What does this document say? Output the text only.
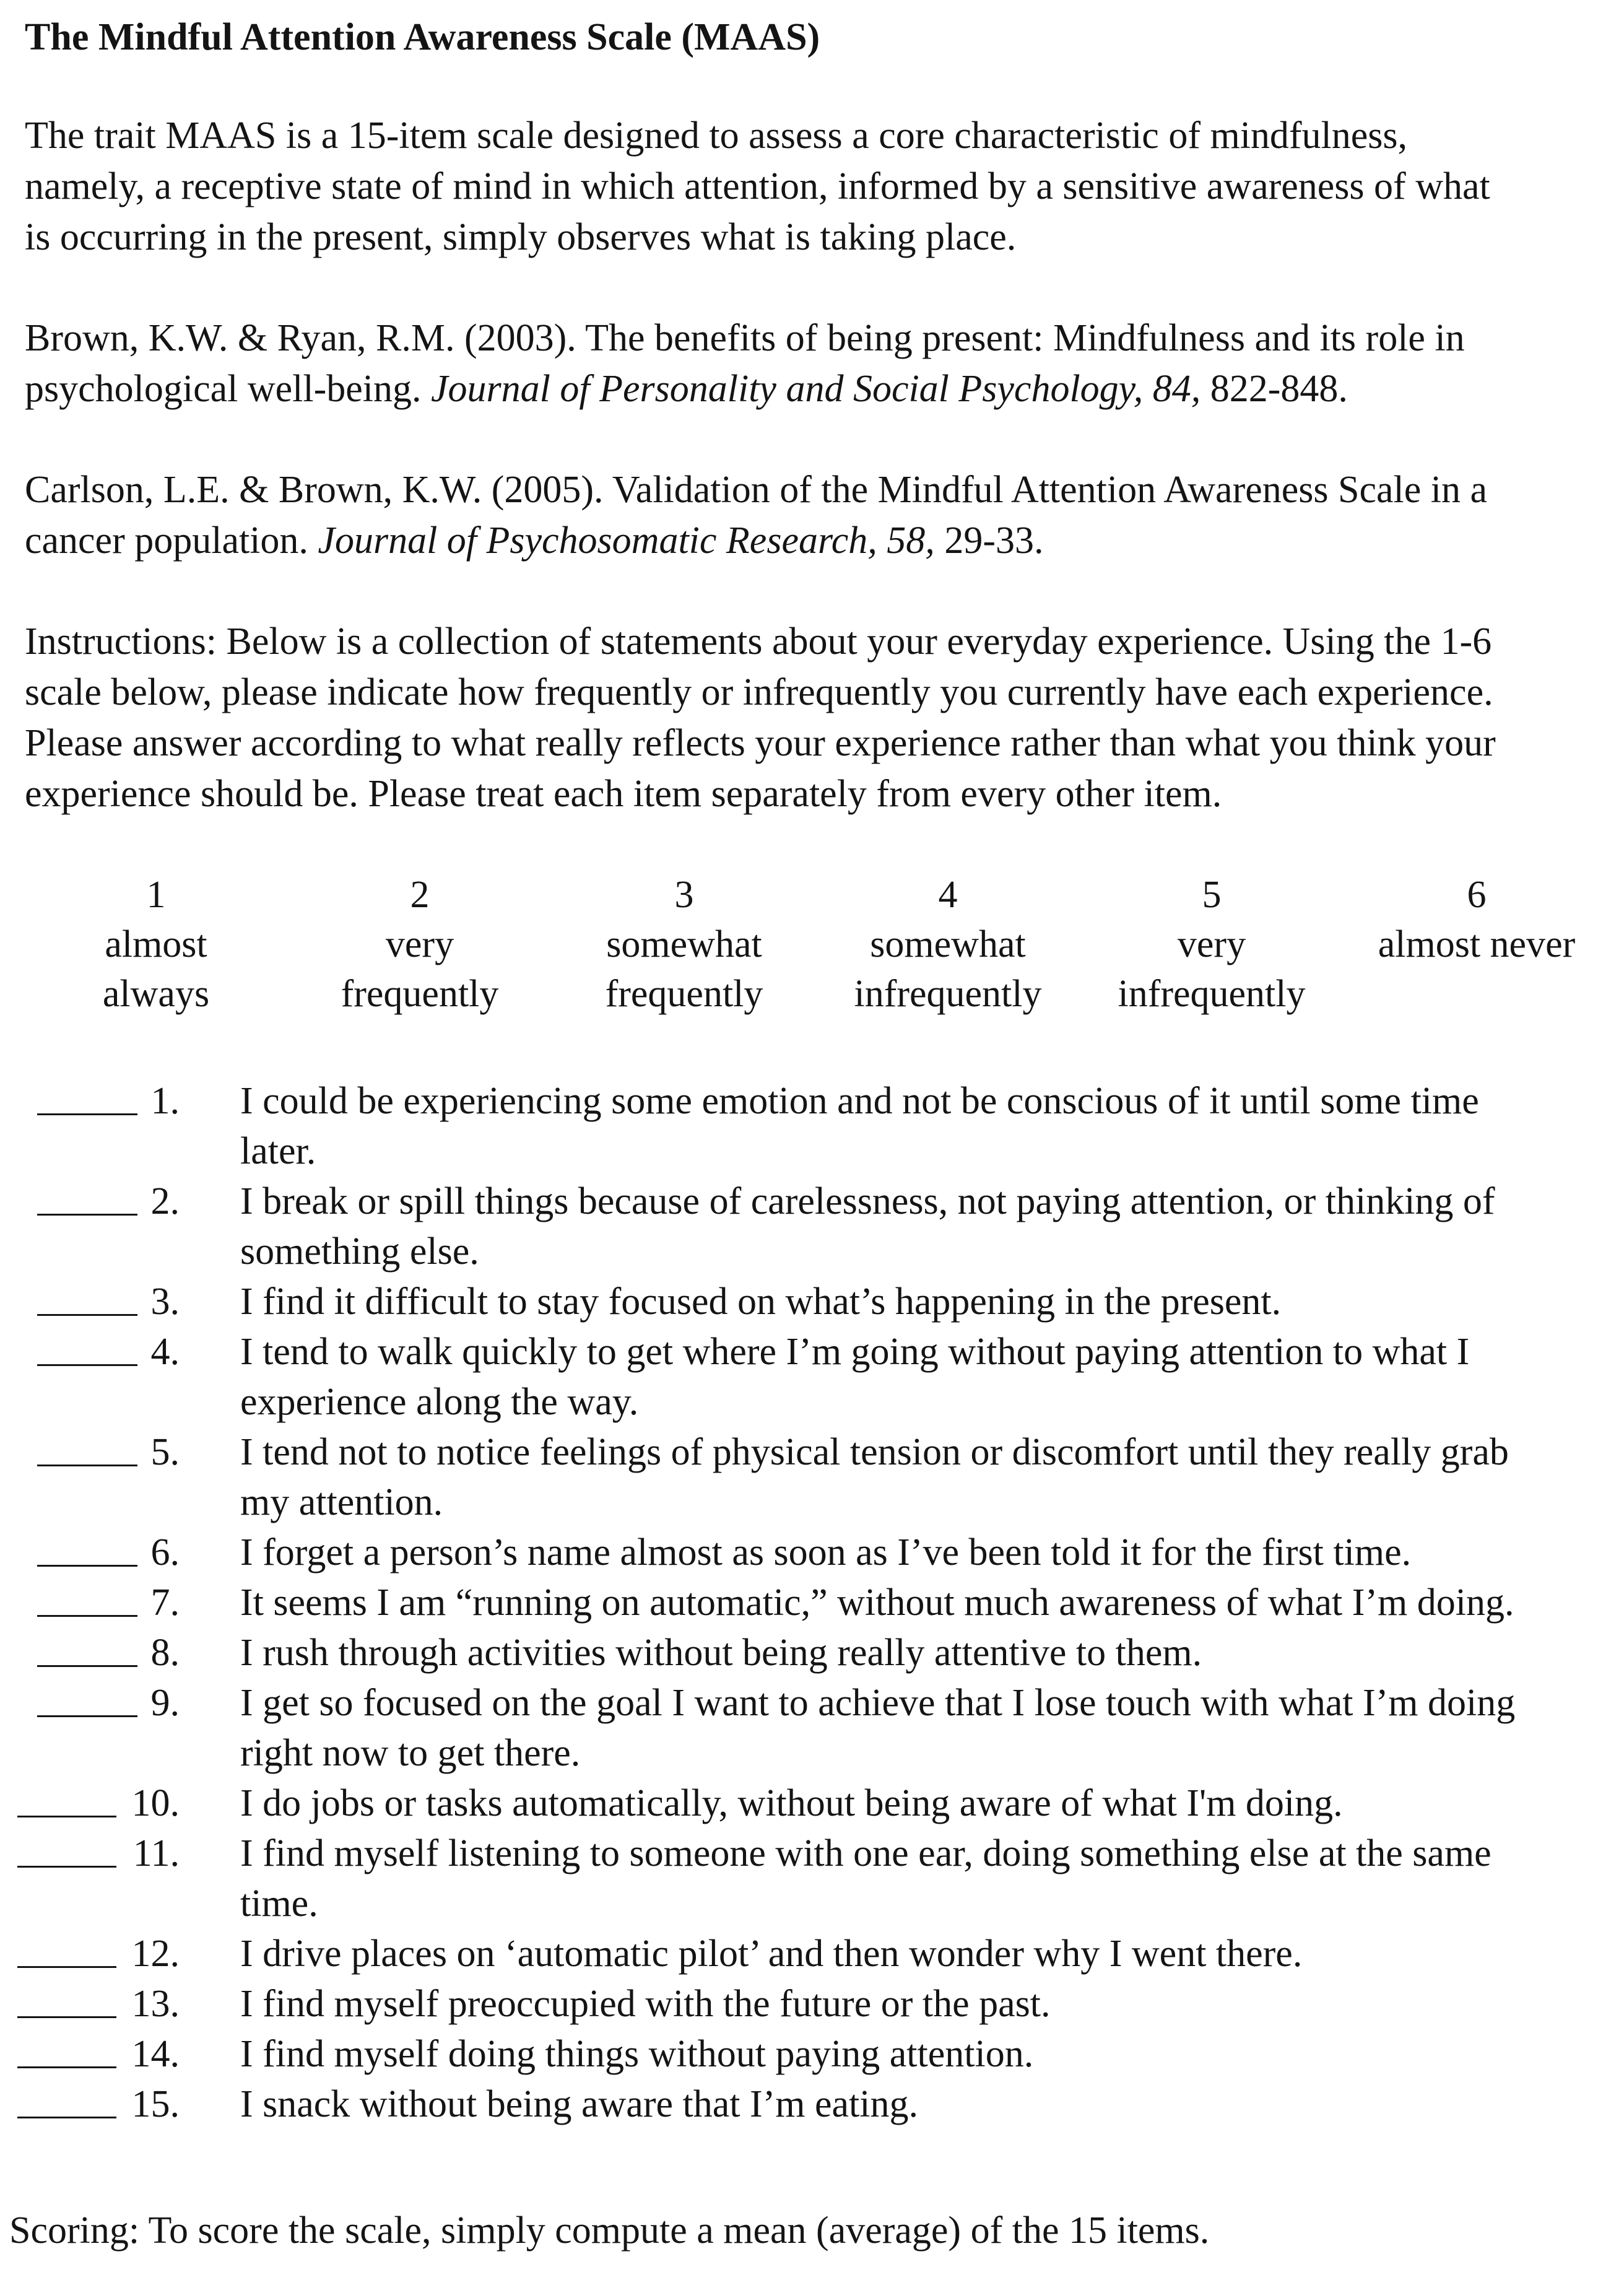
The Mindful Attention Awareness Scale (MAAS)

The trait MAAS is a 15-item scale designed to assess a core characteristic of mindfulness,
namely, a receptive state of mind in which attention, informed by a sensitive awareness of what
is occurring in the present, simply observes what is taking place.

Brown, K.W. & Ryan, R.M. (2003). The benefits of being present: Mindfulness and its role in
psychological well-being. Journal of Personality and Social Psychology, 84, 822-848.

Carlson, L.E. & Brown, K.W. (2005). Validation of the Mindful Attention Awareness Scale in a
cancer population. Journal of Psychosomatic Research, 58, 29-33.

Instructions: Below is a collection of statements about your everyday experience. Using the 1-6
scale below, please indicate how frequently or infrequently you currently have each experience.
Please answer according to what really reflects your experience rather than what you think your
experience should be. Please treat each item separately from every other item.

1
almost
always
2
very
frequently
3
somewhat
frequently
4
somewhat
infrequently
5
very
infrequently
6
almost never
1. I could be experiencing some emotion and not be conscious of it until some time
later.
2. I break or spill things because of carelessness, not paying attention, or thinking of
something else.
3. I find it difficult to stay focused on what’s happening in the present.
4. I tend to walk quickly to get where I’m going without paying attention to what I
experience along the way.
5. I tend not to notice feelings of physical tension or discomfort until they really grab
my attention.
6. I forget a person’s name almost as soon as I’ve been told it for the first time.
7. It seems I am “running on automatic,” without much awareness of what I’m doing.
8. I rush through activities without being really attentive to them.
9. I get so focused on the goal I want to achieve that I lose touch with what I’m doing
right now to get there.
10. I do jobs or tasks automatically, without being aware of what I'm doing.
11. I find myself listening to someone with one ear, doing something else at the same
time.
12. I drive places on ‘automatic pilot’ and then wonder why I went there.
13. I find myself preoccupied with the future or the past.
14. I find myself doing things without paying attention.
15. I snack without being aware that I’m eating.
Scoring: To score the scale, simply compute a mean (average) of the 15 items.
